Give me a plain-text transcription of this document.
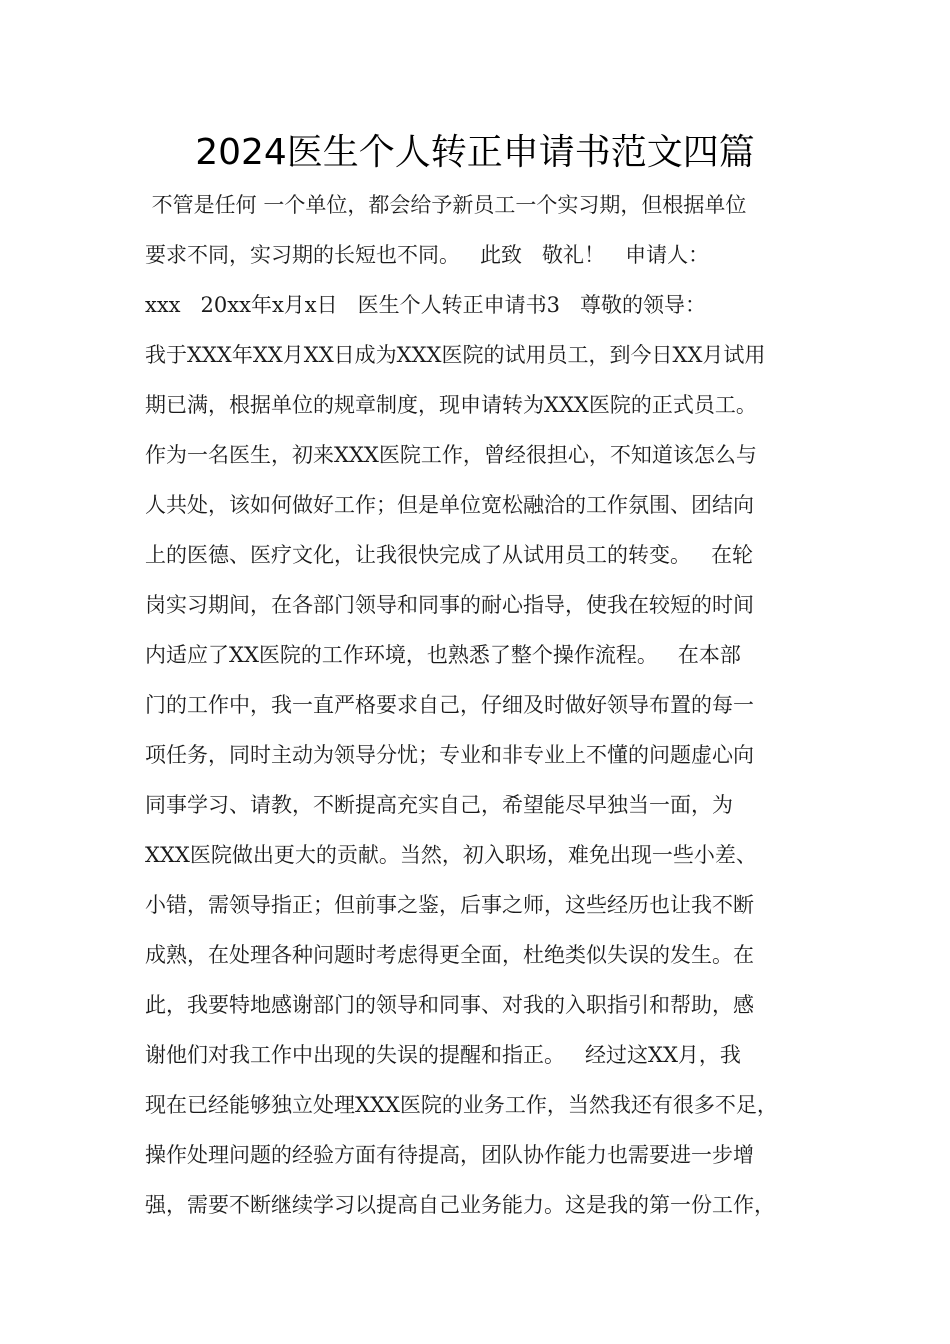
2024医生个人转正申请书范文四篇
不管是任何 一个单位，都会给予新员工一个实习期，但根据单位
要求不同，实习期的长短也不同。   此致   敬礼！   申请人：
xxx   20xx年x月x日   医生个人转正申请书3   尊敬的领导：
我于XXX年XX月XX日成为XXX医院的试用员工，到今日XX月试用
期已满，根据单位的规章制度，现申请转为XXX医院的正式员工。
作为一名医生，初来XXX医院工作，曾经很担心，不知道该怎么与
人共处，该如何做好工作；但是单位宽松融洽的工作氛围、团结向
上的医德、医疗文化，让我很快完成了从试用员工的转变。   在轮
岗实习期间，在各部门领导和同事的耐心指导，使我在较短的时间
内适应了XX医院的工作环境，也熟悉了整个操作流程。   在本部
门的工作中，我一直严格要求自己，仔细及时做好领导布置的每一
项任务，同时主动为领导分忧；专业和非专业上不懂的问题虚心向
同事学习、请教，不断提高充实自己，希望能尽早独当一面，为
XXX医院做出更大的贡献。当然，初入职场，难免出现一些小差、
小错，需领导指正；但前事之鉴，后事之师，这些经历也让我不断
成熟，在处理各种问题时考虑得更全面，杜绝类似失误的发生。在
此，我要特地感谢部门的领导和同事、对我的入职指引和帮助，感
谢他们对我工作中出现的失误的提醒和指正。   经过这XX月，我
现在已经能够独立处理XXX医院的业务工作，当然我还有很多不足，
操作处理问题的经验方面有待提高，团队协作能力也需要进一步增
强，需要不断继续学习以提高自己业务能力。这是我的第一份工作，
